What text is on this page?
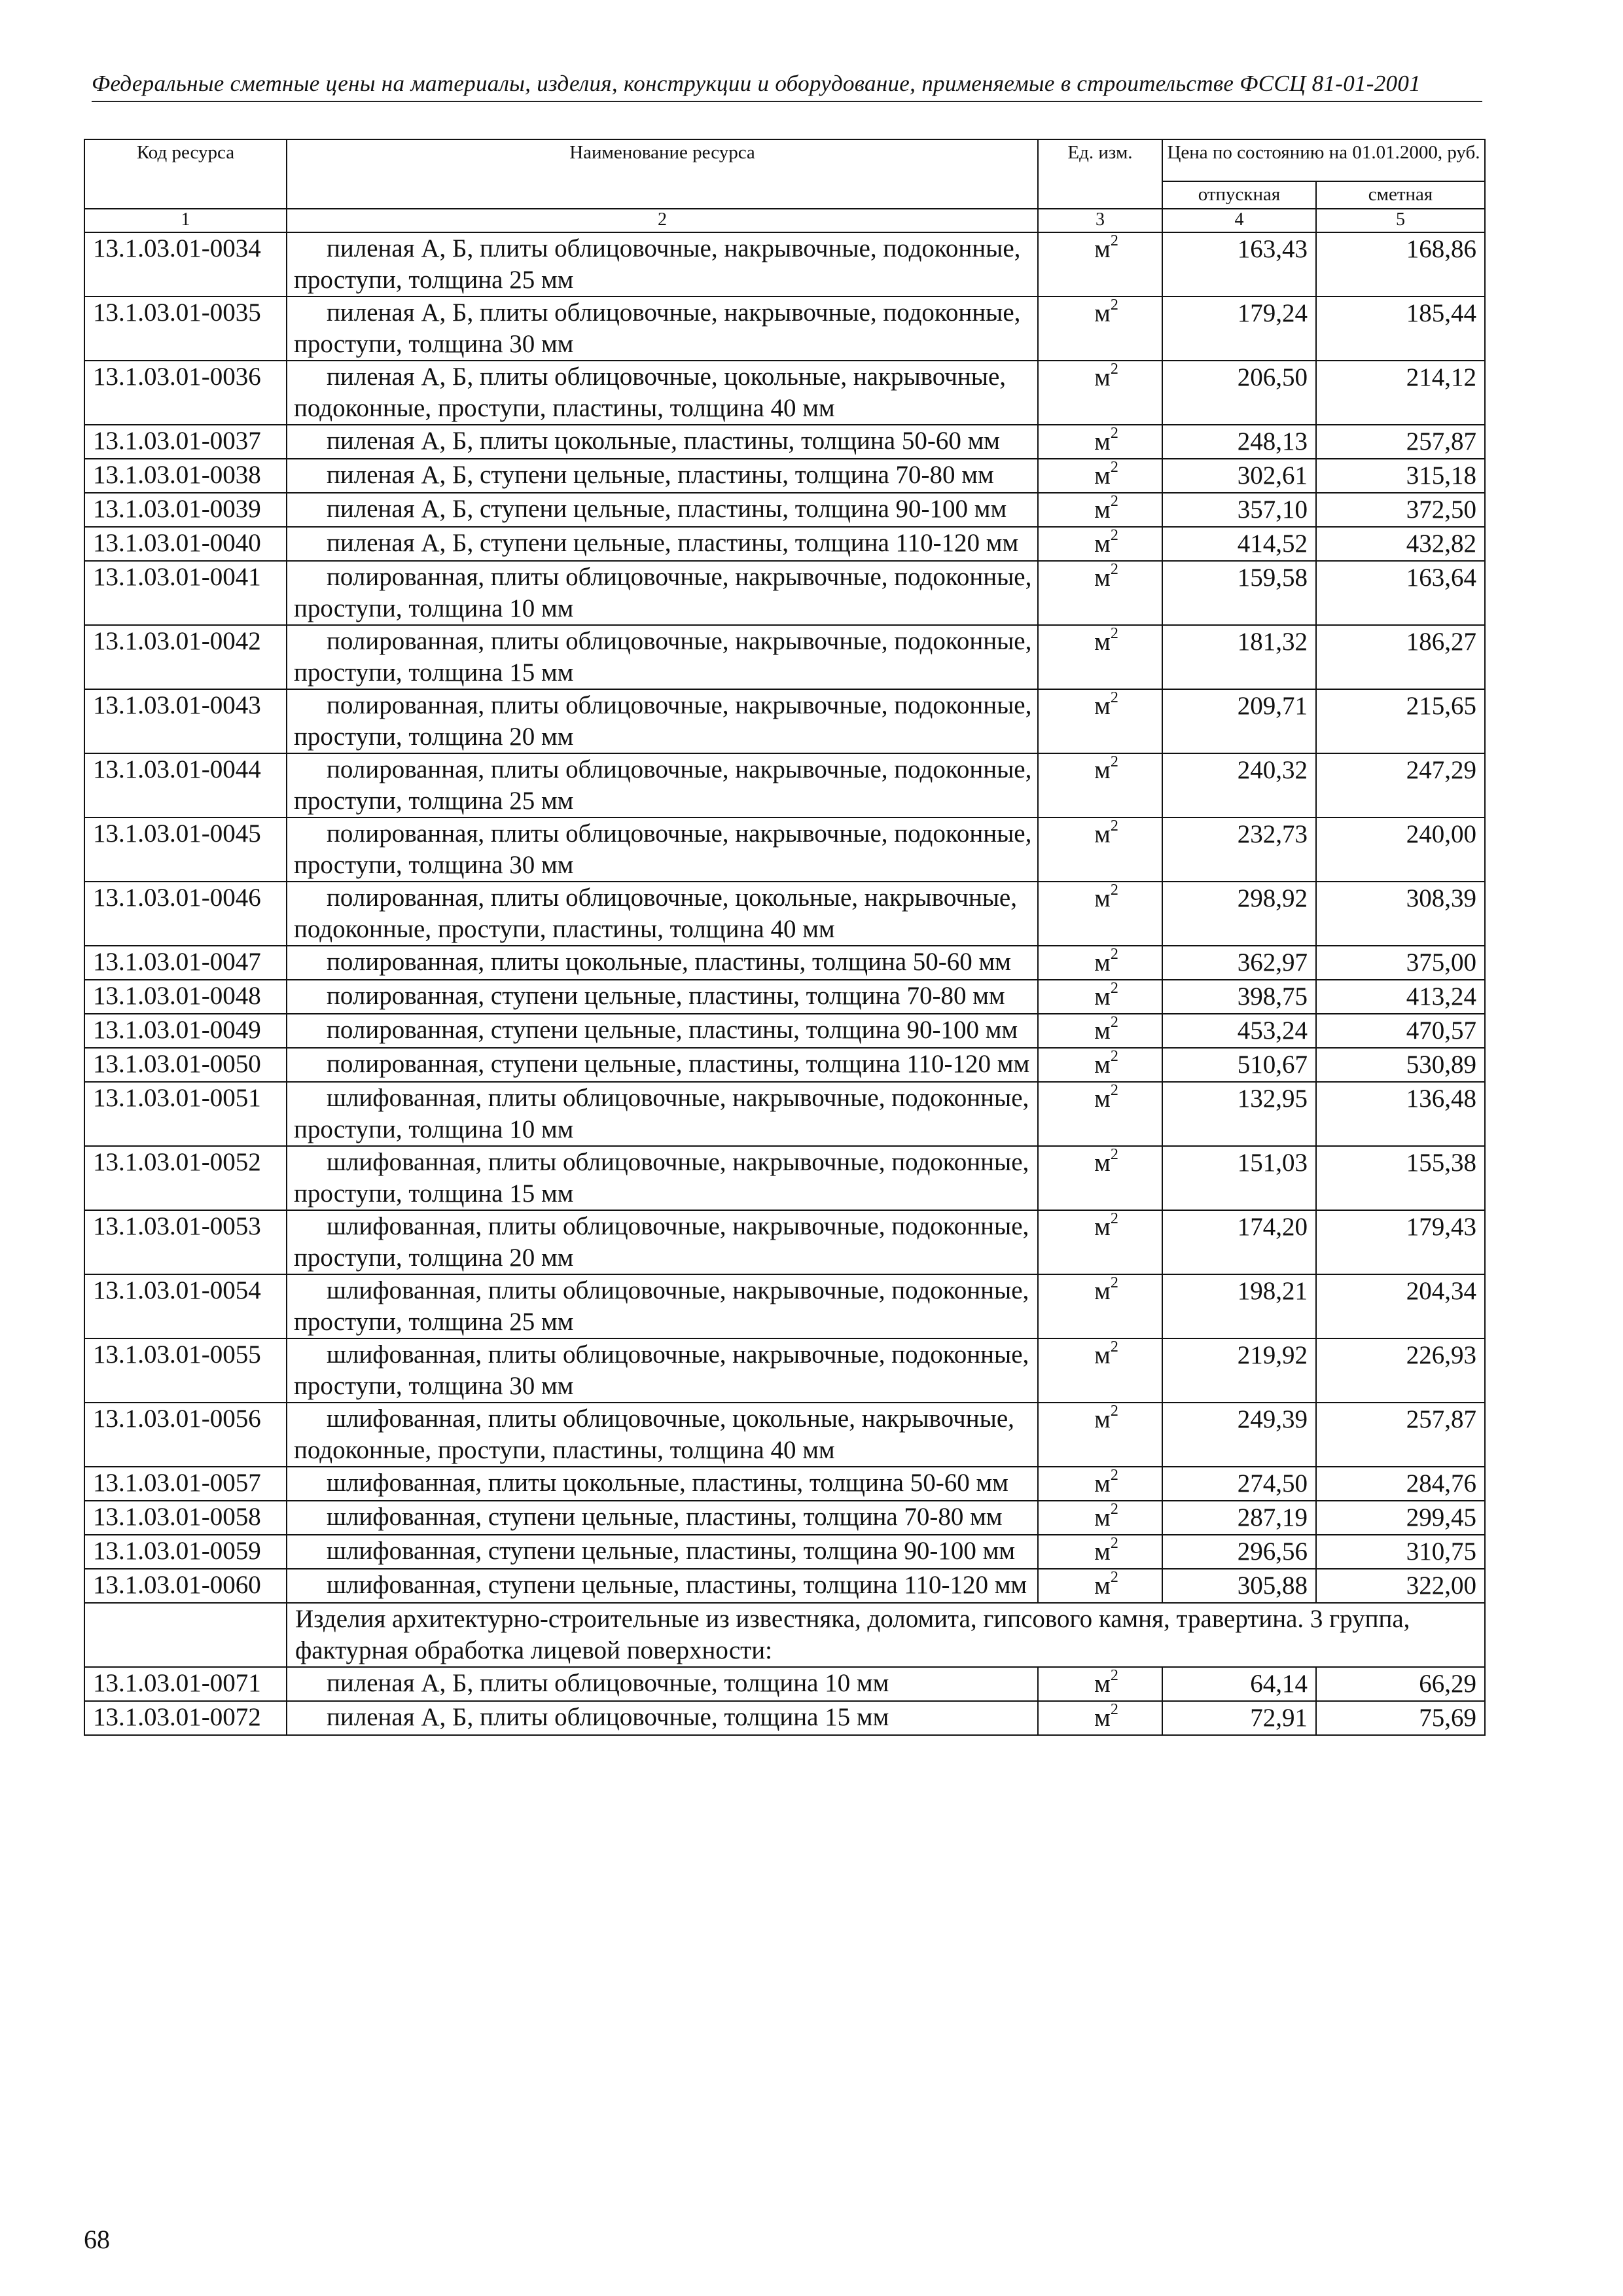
Федеральные сметные цены на материалы, изделия, конструкции и оборудование, применяемые в строительстве ФССЦ 81-01-2001
Код ресурса	Наименование ресурса	Ед. изм.	Цена по состоянию на 01.01.2000, руб.	
			отпускная	сметная
1	2	3	4	5
13.1.03.01-0034	пиленая А, Б, плиты облицовочные, накрывочные, подоконные, проступи, толщина 25 мм	$м^2$	163,43	168,86
13.1.03.01-0035	пиленая А, Б, плиты облицовочные, накрывочные, подоконные, проступи, толщина 30 мм	$м^2$	179,24	185,44
13.1.03.01-0036	пиленая А, Б, плиты облицовочные, цокольные, накрывочные, подоконные, проступи, пластины, толщина 40 мм	$м^2$	206,50	214,12
13.1.03.01-0037	пиленая А, Б, плиты цокольные, пластины, толщина 50-60 мм	$м^2$	248,13	257,87
13.1.03.01-0038	пиленая А, Б, ступени цельные, пластины, толщина 70-80 мм	$м^2$	302,61	315,18
13.1.03.01-0039	пиленая А, Б, ступени цельные, пластины, толщина 90-100 мм	$м^2$	357,10	372,50
13.1.03.01-0040	пиленая А, Б, ступени цельные, пластины, толщина 110-120 мм	$м^2$	414,52	432,82
13.1.03.01-0041	полированная, плиты облицовочные, накрывочные, подоконные, проступи, толщина 10 мм	$м^2$	159,58	163,64
13.1.03.01-0042	полированная, плиты облицовочные, накрывочные, подоконные, проступи, толщина 15 мм	$м^2$	181,32	186,27
13.1.03.01-0043	полированная, плиты облицовочные, накрывочные, подоконные, проступи, толщина 20 мм	$м^2$	209,71	215,65
13.1.03.01-0044	полированная, плиты облицовочные, накрывочные, подоконные, проступи, толщина 25 мм	$м^2$	240,32	247,29
13.1.03.01-0045	полированная, плиты облицовочные, накрывочные, подоконные, проступи, толщина 30 мм	$м^2$	232,73	240,00
13.1.03.01-0046	полированная, плиты облицовочные, цокольные, накрывочные, подоконные, проступи, пластины, толщина 40 мм	$м^2$	298,92	308,39
13.1.03.01-0047	полированная, плиты цокольные, пластины, толщина 50-60 мм	$м^2$	362,97	375,00
13.1.03.01-0048	полированная, ступени цельные, пластины, толщина 70-80 мм	$м^2$	398,75	413,24
13.1.03.01-0049	полированная, ступени цельные, пластины, толщина 90-100 мм	$м^2$	453,24	470,57
13.1.03.01-0050	полированная, ступени цельные, пластины, толщина 110-120 мм	$м^2$	510,67	530,89
13.1.03.01-0051	шлифованная, плиты облицовочные, накрывочные, подоконные, проступи, толщина 10 мм	$м^2$	132,95	136,48
13.1.03.01-0052	шлифованная, плиты облицовочные, накрывочные, подоконные, проступи, толщина 15 мм	$м^2$	151,03	155,38
13.1.03.01-0053	шлифованная, плиты облицовочные, накрывочные, подоконные, проступи, толщина 20 мм	$м^2$	174,20	179,43
13.1.03.01-0054	шлифованная, плиты облицовочные, накрывочные, подоконные, проступи, толщина 25 мм	$м^2$	198,21	204,34
13.1.03.01-0055	шлифованная, плиты облицовочные, накрывочные, подоконные, проступи, толщина 30 мм	$м^2$	219,92	226,93
13.1.03.01-0056	шлифованная, плиты облицовочные, цокольные, накрывочные, подоконные, проступи, пластины, толщина 40 мм	$м^2$	249,39	257,87
13.1.03.01-0057	шлифованная, плиты цокольные, пластины, толщина 50-60 мм	$м^2$	274,50	284,76
13.1.03.01-0058	шлифованная, ступени цельные, пластины, толщина 70-80 мм	$м^2$	287,19	299,45
13.1.03.01-0059	шлифованная, ступени цельные, пластины, толщина 90-100 мм	$м^2$	296,56	310,75
13.1.03.01-0060	шлифованная, ступени цельные, пластины, толщина 110-120 мм	$м^2$	305,88	322,00
	Изделия архитектурно-строительные из известняка, доломита, гипсового камня, травертина. 3 группа, фактурная обработка лицевой поверхности:			
13.1.03.01-0071	пиленая А, Б, плиты облицовочные, толщина 10 мм	$м^2$	64,14	66,29
13.1.03.01-0072	пиленая А, Б, плиты облицовочные, толщина 15 мм	$м^2$	72,91	75,69
68
